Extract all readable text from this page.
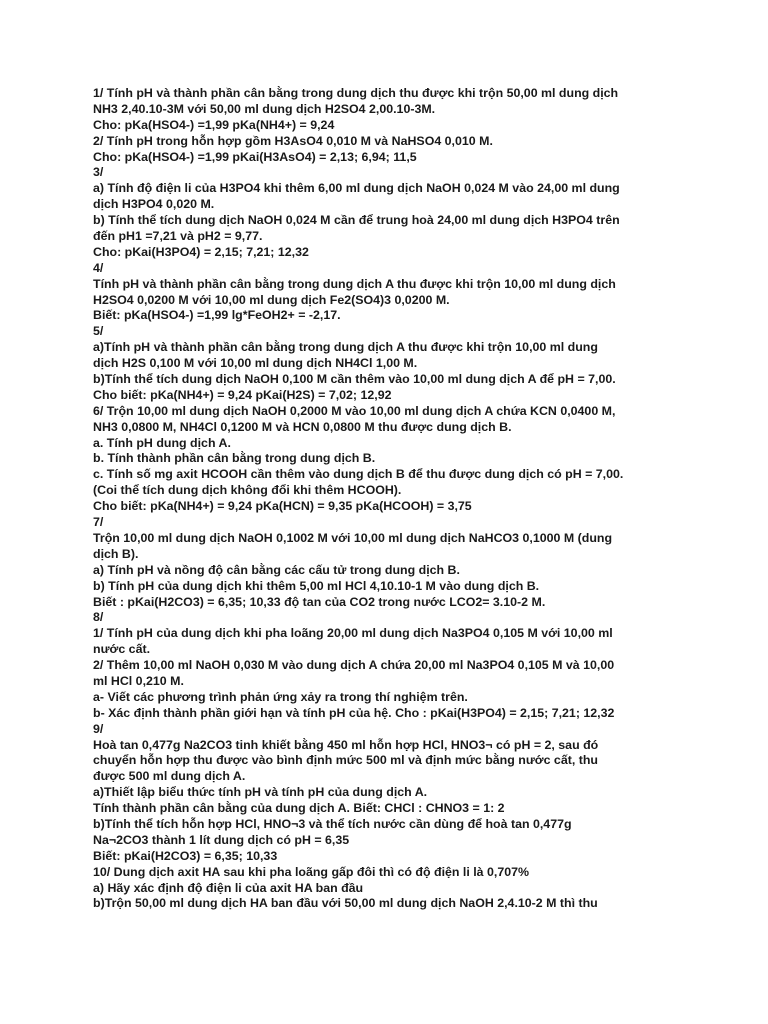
1/ Tính pH và thành phần cân bằng trong dung dịch thu được khi trộn 50,00 ml dung dịch
NH3 2,40.10-3M với 50,00 ml dung dịch H2SO4 2,00.10-3M.
Cho: pKa(HSO4-) =1,99 pKa(NH4+) = 9,24
2/ Tính pH trong hỗn hợp gồm H3AsO4 0,010 M và NaHSO4 0,010 M.
Cho: pKa(HSO4-) =1,99 pKai(H3AsO4) = 2,13; 6,94; 11,5
3/
a) Tính độ điện li của H3PO4 khi thêm 6,00 ml dung dịch NaOH 0,024 M vào 24,00 ml dung
dịch H3PO4 0,020 M.
b) Tính thể tích dung dịch NaOH 0,024 M cần để trung hoà 24,00 ml dung dịch H3PO4 trên
đến pH1 =7,21 và pH2 = 9,77.
Cho: pKai(H3PO4) = 2,15; 7,21; 12,32
4/
Tính pH và thành phần cân bằng trong dung dịch A thu được khi trộn 10,00 ml dung dịch
H2SO4 0,0200 M với 10,00 ml dung dịch Fe2(SO4)3 0,0200 M.
Biết: pKa(HSO4-) =1,99 lg*FeOH2+ = -2,17.
5/
a)Tính pH và thành phần cân bằng trong dung dịch A thu được khi trộn 10,00 ml dung
dịch H2S 0,100 M với 10,00 ml dung dịch NH4Cl 1,00 M.
b)Tính thể tích dung dịch NaOH 0,100 M cần thêm vào 10,00 ml dung dịch A để pH = 7,00.
Cho biết: pKa(NH4+) = 9,24 pKai(H2S) = 7,02; 12,92
6/ Trộn 10,00 ml dung dịch NaOH 0,2000 M vào 10,00 ml dung dịch A chứa KCN 0,0400 M,
NH3 0,0800 M, NH4Cl 0,1200 M và HCN 0,0800 M thu được dung dịch B.
a. Tính pH dung dịch A.
b. Tính thành phần cân bằng trong dung dịch B.
c. Tính số mg axit HCOOH cần thêm vào dung dịch B để thu được dung dịch có pH = 7,00.
(Coi thể tích dung dịch không đổi khi thêm HCOOH).
Cho biết: pKa(NH4+) = 9,24 pKa(HCN) = 9,35 pKa(HCOOH) = 3,75
7/
Trộn 10,00 ml dung dịch NaOH 0,1002 M với 10,00 ml dung dịch NaHCO3 0,1000 M (dung
dịch B).
a) Tính pH và nồng độ cân bằng các cấu tử trong dung dịch B.
b) Tính pH của dung dịch khi thêm 5,00 ml HCl 4,10.10-1 M vào dung dịch B.
Biết : pKai(H2CO3) = 6,35; 10,33 độ tan của CO2 trong nước LCO2= 3.10-2 M.
8/
1/ Tính pH của dung dịch khi pha loãng 20,00 ml dung dịch Na3PO4 0,105 M với 10,00 ml
nước cất.
2/ Thêm 10,00 ml NaOH 0,030 M vào dung dịch A chứa 20,00 ml Na3PO4 0,105 M và 10,00
ml HCl 0,210 M.
a- Viết các phương trình phản ứng xảy ra trong thí nghiệm trên.
b- Xác định thành phần giới hạn và tính pH của hệ. Cho : pKai(H3PO4) = 2,15; 7,21; 12,32
9/
Hoà tan 0,477g Na2CO3 tinh khiết bằng 450 ml hỗn hợp HCl, HNO3¬ có pH = 2, sau đó
chuyển hỗn hợp thu được vào bình định mức 500 ml và định mức bằng nước cất, thu
được 500 ml dung dịch A.
a)Thiết lập biểu thức tính pH và tính pH của dung dịch A.
Tính thành phần cân bằng của dung dịch A. Biết: CHCl : CHNO3 = 1: 2
b)Tính thể tích hỗn hợp HCl, HNO¬3 và thể tích nước cần dùng để hoà tan 0,477g
Na¬2CO3 thành 1 lít dung dịch có pH = 6,35
Biết: pKai(H2CO3) = 6,35; 10,33
10/ Dung dịch axit HA sau khi pha loãng gấp đôi thì có độ điện li là 0,707%
a) Hãy xác định độ điện li của axit HA ban đầu
b)Trộn 50,00 ml dung dịch HA ban đầu với 50,00 ml dung dịch NaOH 2,4.10-2 M thì thu
